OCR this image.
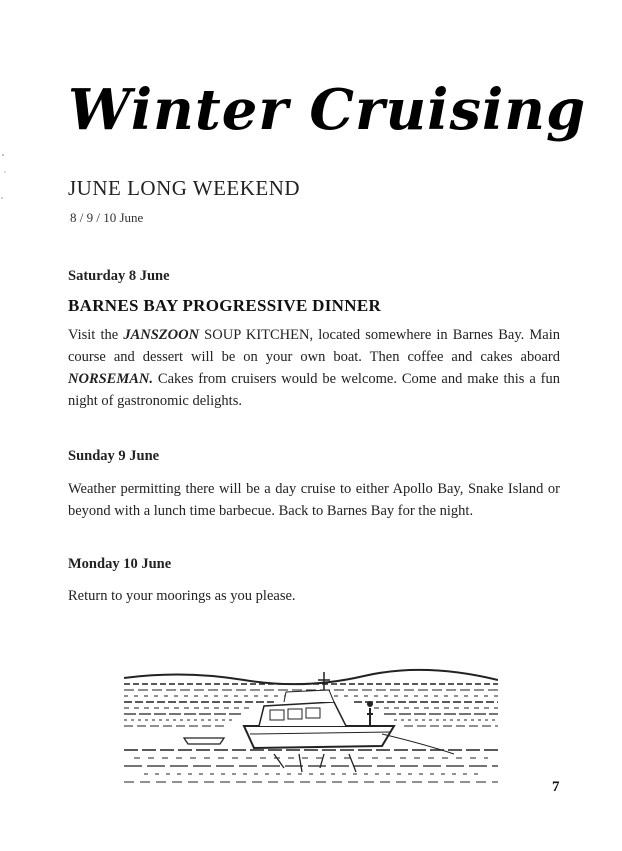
Winter Cruising
JUNE LONG WEEKEND
8 / 9 / 10 June
Saturday 8 June
BARNES BAY PROGRESSIVE DINNER
Visit the JANSZOON SOUP KITCHEN, located somewhere in Barnes Bay. Main course and dessert will be on your own boat. Then coffee and cakes aboard NORSEMAN. Cakes from cruisers would be welcome. Come and make this a fun night of gastronomic delights.
Sunday 9 June
Weather permitting there will be a day cruise to either Apollo Bay, Snake Island or beyond with a lunch time barbecue. Back to Barnes Bay for the night.
Monday 10 June
Return to your moorings as you please.
7
